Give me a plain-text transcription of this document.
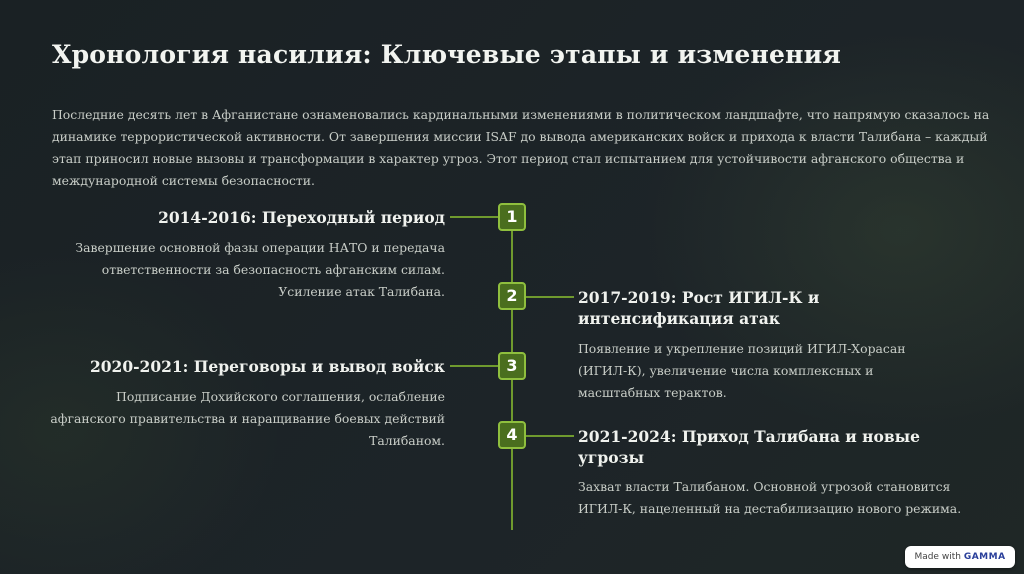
Хронология насилия: Ключевые этапы и изменения

Последние десять лет в Афганистане ознаменовались кардинальными изменениями в политическом ландшафте, что напрямую сказалось на динамике террористической активности. От завершения миссии ISAF до вывода американских войск и прихода к власти Талибана – каждый этап приносил новые вызовы и трансформации в характер угроз. Этот период стал испытанием для устойчивости афганского общества и международной системы безопасности.

1
2014-2016: Переходный период

Завершение основной фазы операции НАТО и передача ответственности за безопасность афганским силам. Усиление атак Талибана.	2	2017-2019: Рост ИГИЛ-К и интенсификация атак

Появление и укрепление позиций ИГИЛ-Хорасан (ИГИЛ-К), увеличение числа комплексных и масштабных терактов.

3
2020-2021: Переговоры и вывод войск

Подписание Дохийского соглашения, ослабление афганского правительства и наращивание боевых действий Талибаном.	4	2021-2024: Приход Талибана и новые угрозы

Захват власти Талибаном. Основной угрозой становится ИГИЛ-К, нацеленный на дестабилизацию нового режима.

Made with GAMMA
